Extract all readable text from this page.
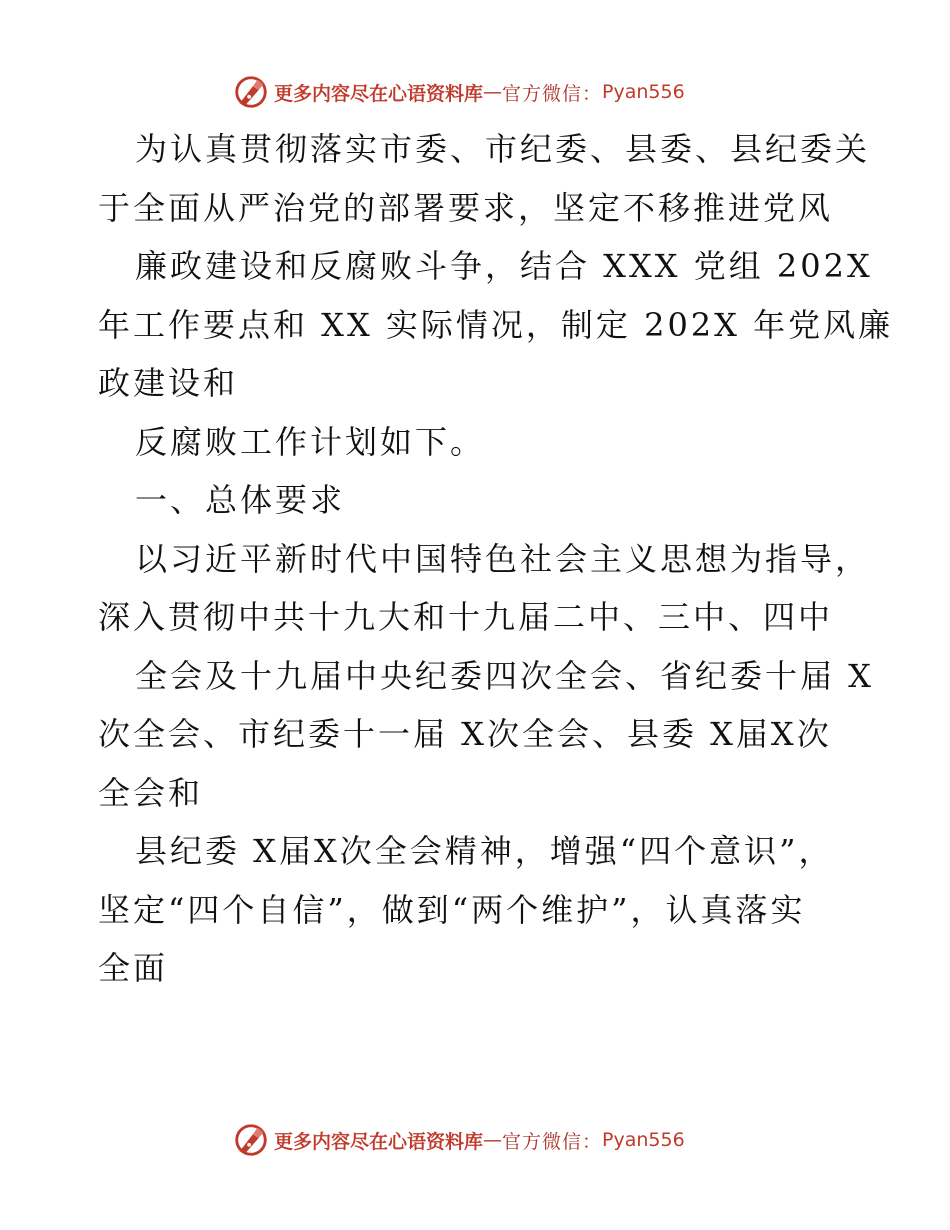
更多内容尽在心语资料库 — 官方微信： Pyan556
为认真贯彻落实市委、市纪委、县委、县纪委关
于全面从严治党的部署要求，坚定不移推进党风
廉政建设和反腐败斗争，结合 XXX 党组 202X
年工作要点和 XX 实际情况，制定 202X 年党风廉
政建设和
反腐败工作计划如下。
一、总体要求
以习近平新时代中国特色社会主义思想为指导，
深入贯彻中共十九大和十九届二中、三中、四中
全会及十九届中央纪委四次全会、省纪委十届 X
次全会、市纪委十一届 X次全会、县委 X届X次
全会和
县纪委 X届X次全会精神，增强“四个意识”，
坚定“四个自信”，做到“两个维护”，认真落实
全面
更多内容尽在心语资料库 — 官方微信： Pyan556
